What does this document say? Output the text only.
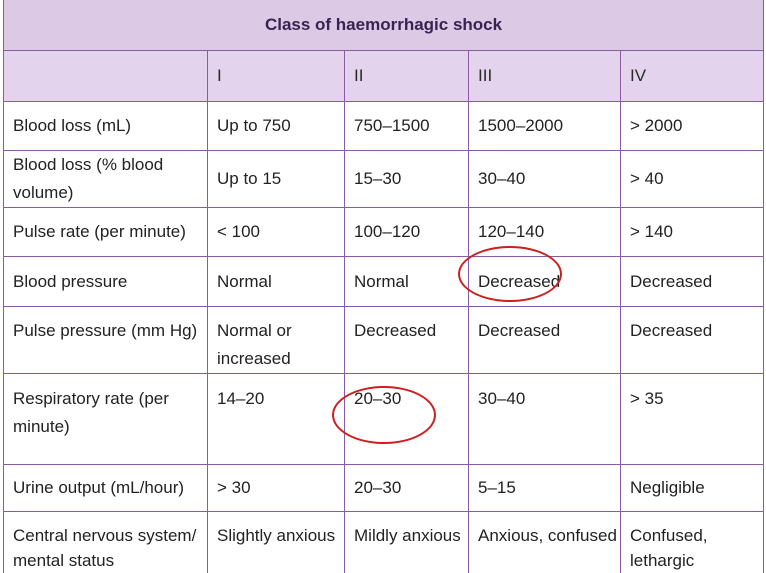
Class of haemorrhagic shock				
	I	II	III	IV
Blood loss (mL)	Up to 750	750–1500	1500–2000	> 2000
Blood loss (% blood volume)	Up to 15	15–30	30–40	> 40
Pulse rate (per minute)	< 100	100–120	120–140	> 140
Blood pressure	Normal	Normal	Decreased	Decreased
Pulse pressure (mm Hg)	Normal or increased	Decreased	Decreased	Decreased
Respiratory rate (per minute)	14–20	20–30	30–40	> 35
Urine output (mL/hour)	> 30	20–30	5–15	Negligible
Central nervous system/ mental status	Slightly anxious	Mildly anxious	Anxious, confused	Confused, lethargic
